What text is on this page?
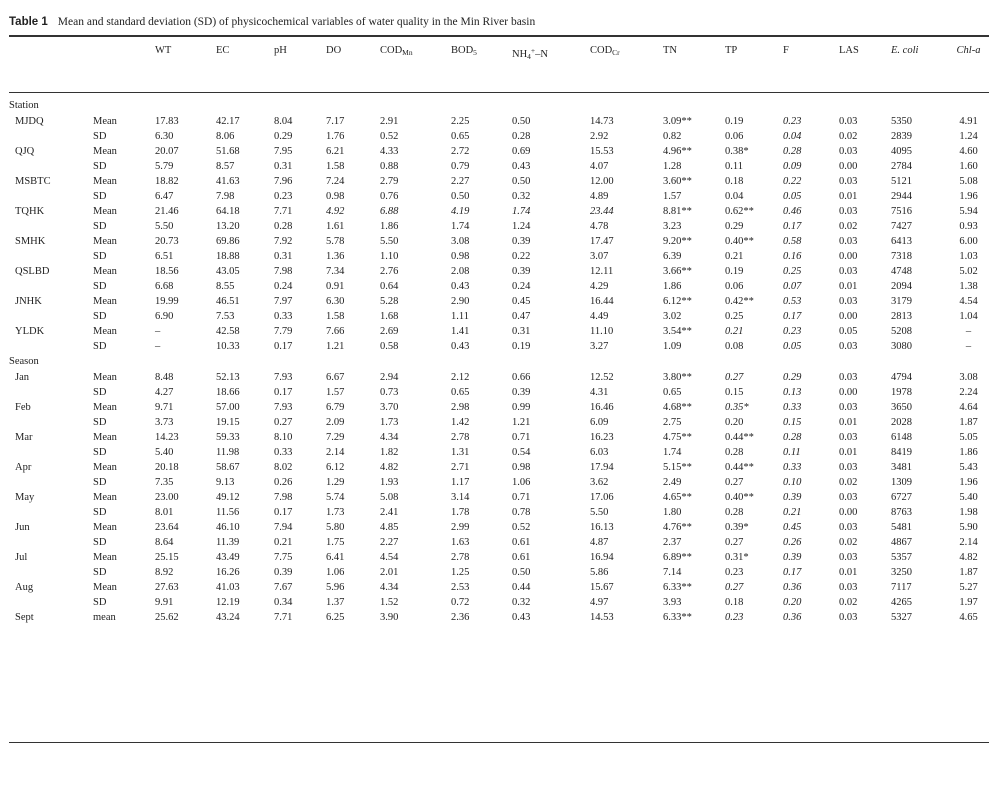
Table 1 Mean and standard deviation (SD) of physicochemical variables of water quality in the Min River basin
		WT	EC	pH	DO	$COD_{Mn}$	$BOD_5$	$NH_4^+-N$	$COD_{Cr}$	TN	TP	F	LAS	E. coli	Chl-a
Station															
MJDQ	Mean	17.83	42.17	8.04	7.17	2.91	2.25	0.50	14.73	3.09**	0.19	0.23	0.03	5350	4.91
	SD	6.30	8.06	0.29	1.76	0.52	0.65	0.28	2.92	0.82	0.06	0.04	0.02	2839	1.24
QJQ	Mean	20.07	51.68	7.95	6.21	4.33	2.72	0.69	15.53	4.96**	0.38*	0.28	0.03	4095	4.60
	SD	5.79	8.57	0.31	1.58	0.88	0.79	0.43	4.07	1.28	0.11	0.09	0.00	2784	1.60
MSBTC	Mean	18.82	41.63	7.96	7.24	2.79	2.27	0.50	12.00	3.60**	0.18	0.22	0.03	5121	5.08
	SD	6.47	7.98	0.23	0.98	0.76	0.50	0.32	4.89	1.57	0.04	0.05	0.01	2944	1.96
TQHK	Mean	21.46	64.18	7.71	4.92	6.88	4.19	1.74	23.44	8.81**	0.62**	0.46	0.03	7516	5.94
	SD	5.50	13.20	0.28	1.61	1.86	1.74	1.24	4.78	3.23	0.29	0.17	0.02	7427	0.93
SMHK	Mean	20.73	69.86	7.92	5.78	5.50	3.08	0.39	17.47	9.20**	0.40**	0.58	0.03	6413	6.00
	SD	6.51	18.88	0.31	1.36	1.10	0.98	0.22	3.07	6.39	0.21	0.16	0.00	7318	1.03
QSLBD	Mean	18.56	43.05	7.98	7.34	2.76	2.08	0.39	12.11	3.66**	0.19	0.25	0.03	4748	5.02
	SD	6.68	8.55	0.24	0.91	0.64	0.43	0.24	4.29	1.86	0.06	0.07	0.01	2094	1.38
JNHK	Mean	19.99	46.51	7.97	6.30	5.28	2.90	0.45	16.44	6.12**	0.42**	0.53	0.03	3179	4.54
	SD	6.90	7.53	0.33	1.58	1.68	1.11	0.47	4.49	3.02	0.25	0.17	0.00	2813	1.04
YLDK	Mean	–	42.58	7.79	7.66	2.69	1.41	0.31	11.10	3.54**	0.21	0.23	0.05	5208	–
	SD	–	10.33	0.17	1.21	0.58	0.43	0.19	3.27	1.09	0.08	0.05	0.03	3080	–
Season															
Jan	Mean	8.48	52.13	7.93	6.67	2.94	2.12	0.66	12.52	3.80**	0.27	0.29	0.03	4794	3.08
	SD	4.27	18.66	0.17	1.57	0.73	0.65	0.39	4.31	0.65	0.15	0.13	0.00	1978	2.24
Feb	Mean	9.71	57.00	7.93	6.79	3.70	2.98	0.99	16.46	4.68**	0.35*	0.33	0.03	3650	4.64
	SD	3.73	19.15	0.27	2.09	1.73	1.42	1.21	6.09	2.75	0.20	0.15	0.01	2028	1.87
Mar	Mean	14.23	59.33	8.10	7.29	4.34	2.78	0.71	16.23	4.75**	0.44**	0.28	0.03	6148	5.05
	SD	5.40	11.98	0.33	2.14	1.82	1.31	0.54	6.03	1.74	0.28	0.11	0.01	8419	1.86
Apr	Mean	20.18	58.67	8.02	6.12	4.82	2.71	0.98	17.94	5.15**	0.44**	0.33	0.03	3481	5.43
	SD	7.35	9.13	0.26	1.29	1.93	1.17	1.06	3.62	2.49	0.27	0.10	0.02	1309	1.96
May	Mean	23.00	49.12	7.98	5.74	5.08	3.14	0.71	17.06	4.65**	0.40**	0.39	0.03	6727	5.40
	SD	8.01	11.56	0.17	1.73	2.41	1.78	0.78	5.50	1.80	0.28	0.21	0.00	8763	1.98
Jun	Mean	23.64	46.10	7.94	5.80	4.85	2.99	0.52	16.13	4.76**	0.39*	0.45	0.03	5481	5.90
	SD	8.64	11.39	0.21	1.75	2.27	1.63	0.61	4.87	2.37	0.27	0.26	0.02	4867	2.14
Jul	Mean	25.15	43.49	7.75	6.41	4.54	2.78	0.61	16.94	6.89**	0.31*	0.39	0.03	5357	4.82
	SD	8.92	16.26	0.39	1.06	2.01	1.25	0.50	5.86	7.14	0.23	0.17	0.01	3250	1.87
Aug	Mean	27.63	41.03	7.67	5.96	4.34	2.53	0.44	15.67	6.33**	0.27	0.36	0.03	7117	5.27
	SD	9.91	12.19	0.34	1.37	1.52	0.72	0.32	4.97	3.93	0.18	0.20	0.02	4265	1.97
Sept	mean	25.62	43.24	7.71	6.25	3.90	2.36	0.43	14.53	6.33**	0.23	0.36	0.03	5327	4.65
